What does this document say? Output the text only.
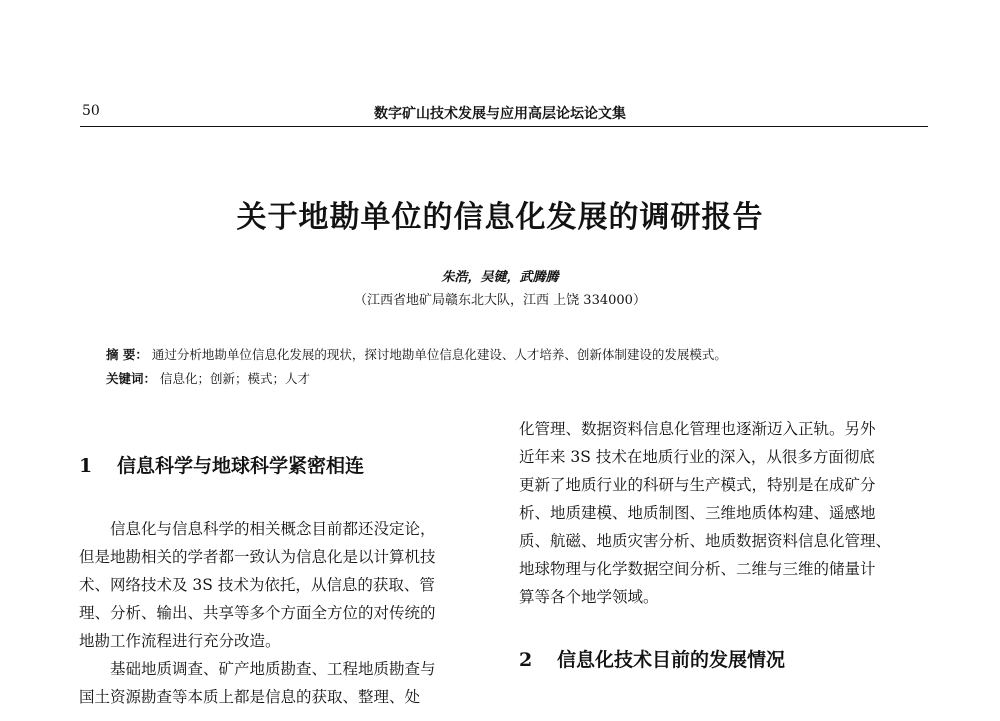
50	数字矿山技术发展与应用高层论坛论文集
关于地勘单位的信息化发展的调研报告
朱浩，吴键，武腾腾
（江西省地矿局赣东北大队，江西 上饶 334000）
摘 要： 通过分析地勘单位信息化发展的现状，探讨地勘单位信息化建设、人才培养、创新体制建设的发展模式。
关键词： 信息化；创新；模式；人才
1 信息科学与地球科学紧密相连

信息化与信息科学的相关概念目前都还没定论，

但是地勘相关的学者都一致认为信息化是以计算机技

术、网络技术及 3S 技术为依托，从信息的获取、管

理、分析、输出、共享等多个方面全方位的对传统的

地勘工作流程进行充分改造。

基础地质调查、矿产地质勘查、工程地质勘查与

国土资源勘查等本质上都是信息的获取、整理、处

化管理、数据资料信息化管理也逐渐迈入正轨。另外

近年来 3S 技术在地质行业的深入，从很多方面彻底

更新了地质行业的科研与生产模式，特别是在成矿分

析、地质建模、地质制图、三维地质体构建、遥感地

质、航磁、地质灾害分析、地质数据资料信息化管理、

地球物理与化学数据空间分析、二维与三维的储量计

算等各个地学领域。

2 信息化技术目前的发展情况
